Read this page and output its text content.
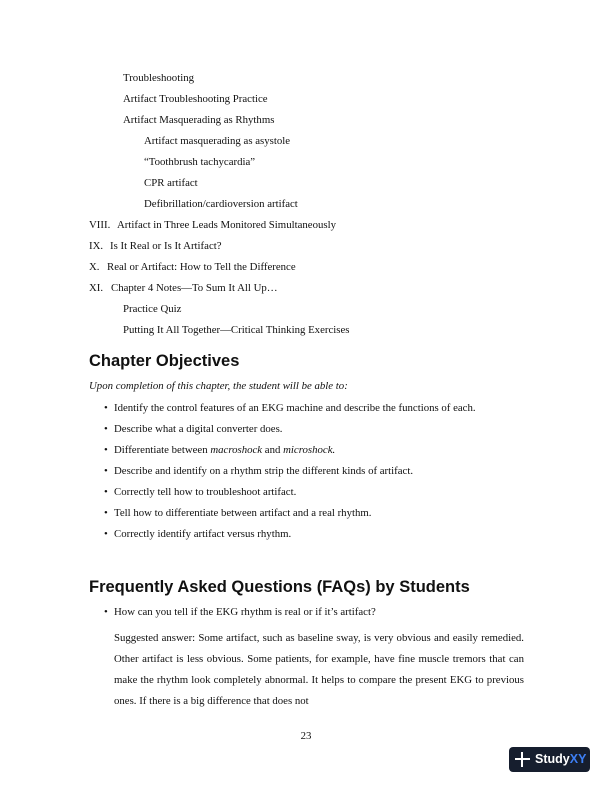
Troubleshooting
Artifact Troubleshooting Practice
Artifact Masquerading as Rhythms
Artifact masquerading as asystole
“Toothbrush tachycardia”
CPR artifact
Defibrillation/cardioversion artifact
VIII. Artifact in Three Leads Monitored Simultaneously
IX. Is It Real or Is It Artifact?
X. Real or Artifact: How to Tell the Difference
XI. Chapter 4 Notes—To Sum It All Up…
Practice Quiz
Putting It All Together—Critical Thinking Exercises
Chapter Objectives
Upon completion of this chapter, the student will be able to:
• Identify the control features of an EKG machine and describe the functions of each.
• Describe what a digital converter does.
• Differentiate between macroshock and microshock.
• Describe and identify on a rhythm strip the different kinds of artifact.
• Correctly tell how to troubleshoot artifact.
• Tell how to differentiate between artifact and a real rhythm.
• Correctly identify artifact versus rhythm.
Frequently Asked Questions (FAQs) by Students
• How can you tell if the EKG rhythm is real or if it’s artifact?
Suggested answer: Some artifact, such as baseline sway, is very obvious and easily remedied. Other artifact is less obvious. Some patients, for example, have fine muscle tremors that can make the rhythm look completely abnormal. It helps to compare the present EKG to previous ones. If there is a big difference that does not
23
StudyXY
